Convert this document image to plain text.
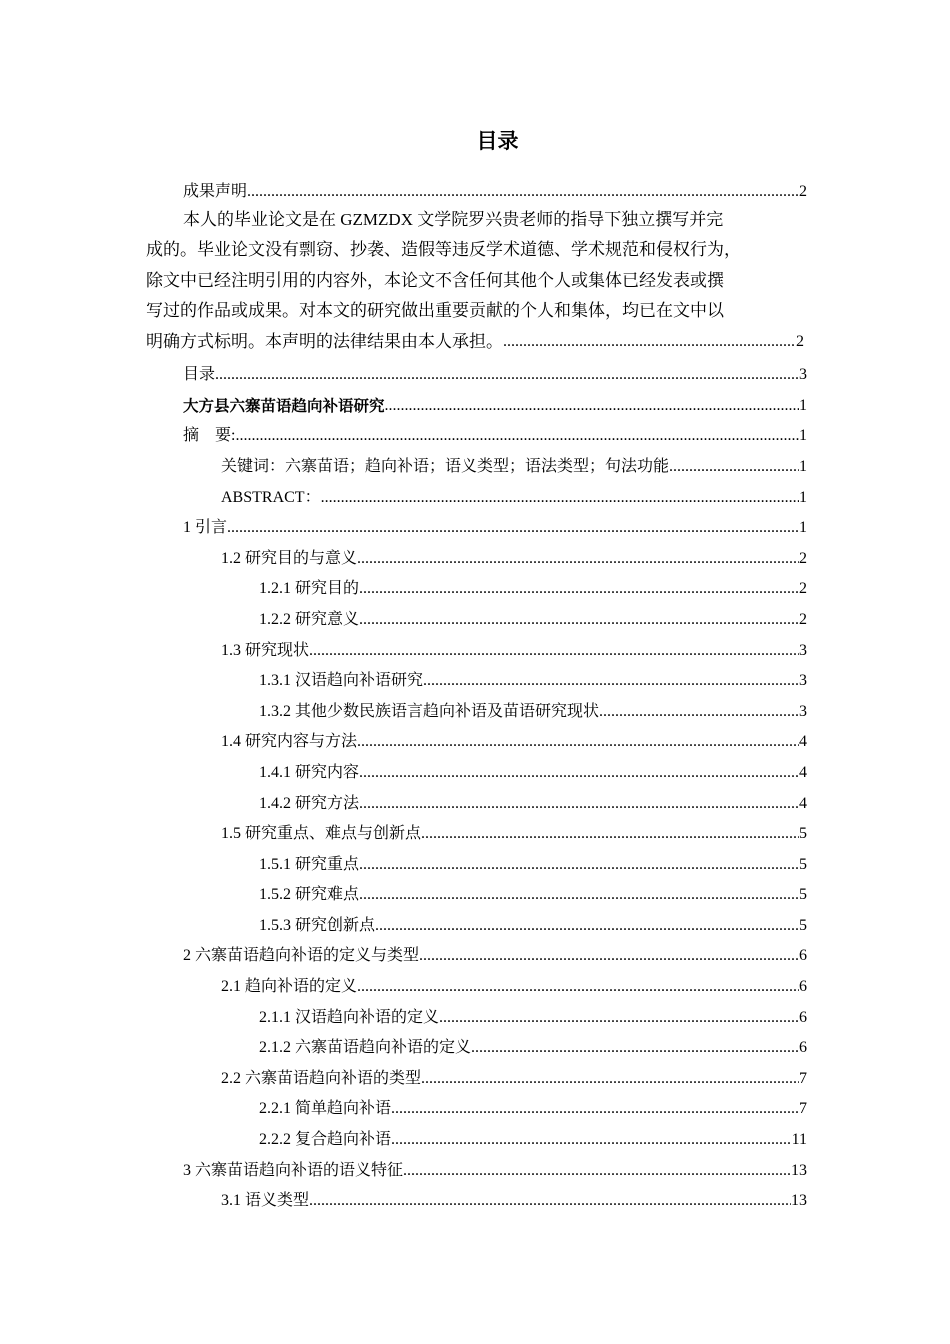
目录
成果声明 .....	2
本人的毕业论文是在 GZMZDX 文学院罗兴贵老师的指导下独立撰写并完
成的。毕业论文没有剽窃、抄袭、造假等违反学术道德、学术规范和侵权行为，
除文中已经注明引用的内容外，本论文不含任何其他个人或集体已经发表或撰
写过的作品或成果。对本文的研究做出重要贡献的个人和集体，均已在文中以
明确方式标明。本声明的法律结果由本人承担。 .....	2
目录 .....	3
大方县六寨苗语趋向补语研究 .....	1
摘　要: .....	1
关键词：六寨苗语；趋向补语；语义类型；语法类型；句法功能 .....	1
ABSTRACT： .....	1
1 引言 .....	1
1.2 研究目的与意义 .....	2
1.2.1 研究目的 .....	2
1.2.2 研究意义 .....	2
1.3 研究现状 .....	3
1.3.1 汉语趋向补语研究 .....	3
1.3.2 其他少数民族语言趋向补语及苗语研究现状 .....	3
1.4 研究内容与方法 .....	4
1.4.1 研究内容 .....	4
1.4.2 研究方法 .....	4
1.5 研究重点、难点与创新点 .....	5
1.5.1 研究重点 .....	5
1.5.2 研究难点 .....	5
1.5.3 研究创新点 .....	5
2 六寨苗语趋向补语的定义与类型 .....	6
2.1 趋向补语的定义 .....	6
2.1.1 汉语趋向补语的定义 .....	6
2.1.2 六寨苗语趋向补语的定义 .....	6
2.2 六寨苗语趋向补语的类型 .....	7
2.2.1 简单趋向补语 .....	7
2.2.2 复合趋向补语 .....	11
3 六寨苗语趋向补语的语义特征 .....	13
3.1 语义类型 .....	13
